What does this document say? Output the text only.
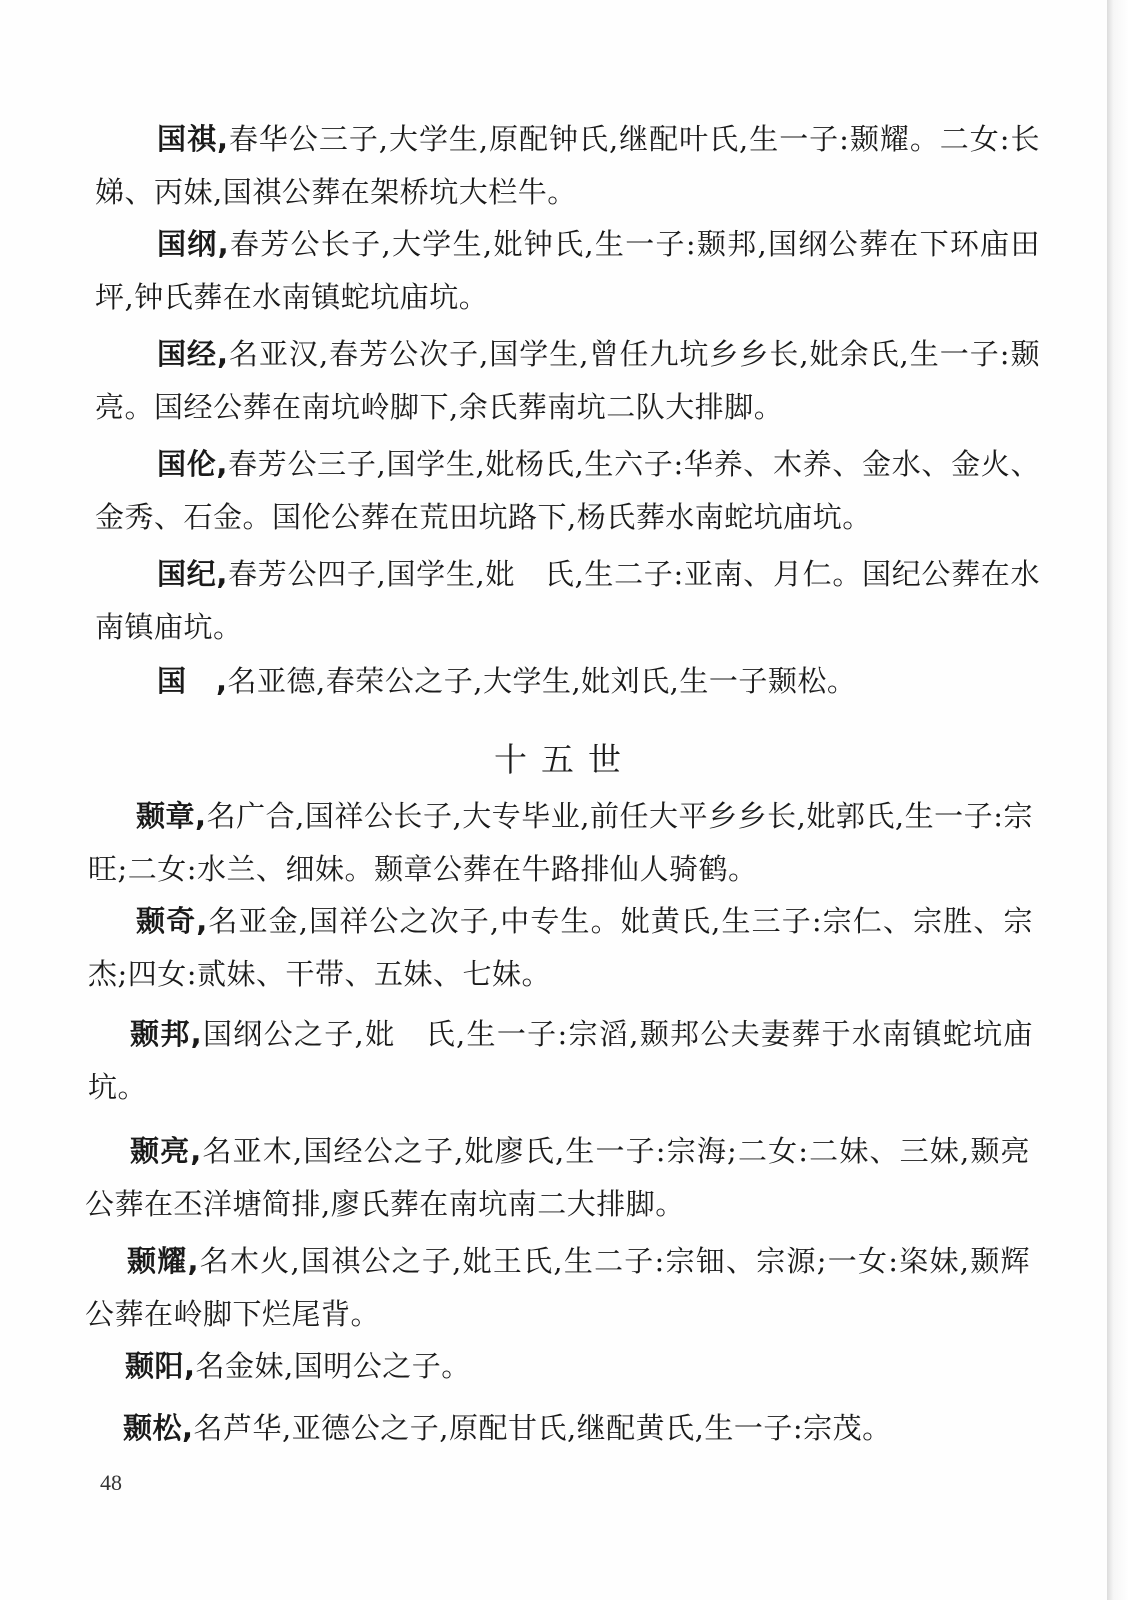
国祺,春华公三子,大学生,原配钟氏,继配叶氏,生一子:颞耀。二女:长娣、丙妹,国祺公葬在架桥坑大栏牛。

国纲,春芳公长子,大学生,妣钟氏,生一子:颞邦,国纲公葬在下环庙田坪,钟氏葬在水南镇蛇坑庙坑。

国经,名亚汉,春芳公次子,国学生,曾任九坑乡乡长,妣余氏,生一子:颞亮。国经公葬在南坑岭脚下,余氏葬南坑二队大排脚。

国伦,春芳公三子,国学生,妣杨氏,生六子:华养、木养、金水、金火、金秀、石金。国伦公葬在荒田坑路下,杨氏葬水南蛇坑庙坑。

国纪,春芳公四子,国学生,妣　氏,生二子:亚南、月仁。国纪公葬在水南镇庙坑。

国　,名亚德,春荣公之子,大学生,妣刘氏,生一子颞松。

十五世

颞章,名广合,国祥公长子,大专毕业,前任大平乡乡长,妣郭氏,生一子:宗旺;二女:水兰、细妹。颞章公葬在牛路排仙人骑鹤。

颞奇,名亚金,国祥公之次子,中专生。妣黄氏,生三子:宗仁、宗胜、宗杰;四女:贰妹、干带、五妹、七妹。

颞邦,国纲公之子,妣　氏,生一子:宗滔,颞邦公夫妻葬于水南镇蛇坑庙坑。

颞亮,名亚木,国经公之子,妣廖氏,生一子:宗海;二女:二妹、三妹,颞亮公葬在丕洋塘简排,廖氏葬在南坑南二大排脚。

颞耀,名木火,国祺公之子,妣王氏,生二子:宗钿、宗源;一女:栥妹,颞辉公葬在岭脚下烂尾背。

颞阳,名金妹,国明公之子。

颞松,名芦华,亚德公之子,原配甘氏,继配黄氏,生一子:宗茂。

48
